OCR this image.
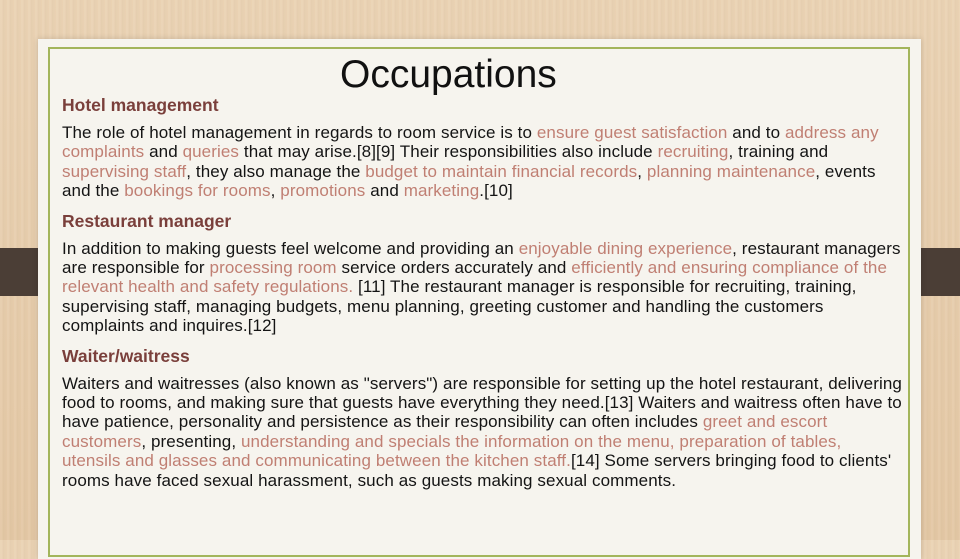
Occupations

Hotel management

The role of hotel management in regards to room service is to ensure guest satisfaction and to address any complaints and queries that may arise.[8][9] Their responsibilities also include recruiting, training and supervising staff, they also manage the budget to maintain financial records, planning maintenance, events and the bookings for rooms, promotions and marketing.[10]

Restaurant manager

In addition to making guests feel welcome and providing an enjoyable dining experience, restaurant managers are responsible for processing room service orders accurately and efficiently and ensuring compliance of the relevant health and safety regulations. [11] The restaurant manager is responsible for recruiting, training, supervising staff, managing budgets, menu planning, greeting customer and handling the customers complaints and inquires.[12]

Waiter/waitress

Waiters and waitresses (also known as "servers") are responsible for setting up the hotel restaurant, delivering food to rooms, and making sure that guests have everything they need.[13] Waiters and waitress often have to have patience, personality and persistence as their responsibility can often includes greet and escort customers, presenting, understanding and specials the information on the menu, preparation of tables, utensils and glasses and communicating between the kitchen staff.[14] Some servers bringing food to clients' rooms have faced sexual harassment, such as guests making sexual comments.
